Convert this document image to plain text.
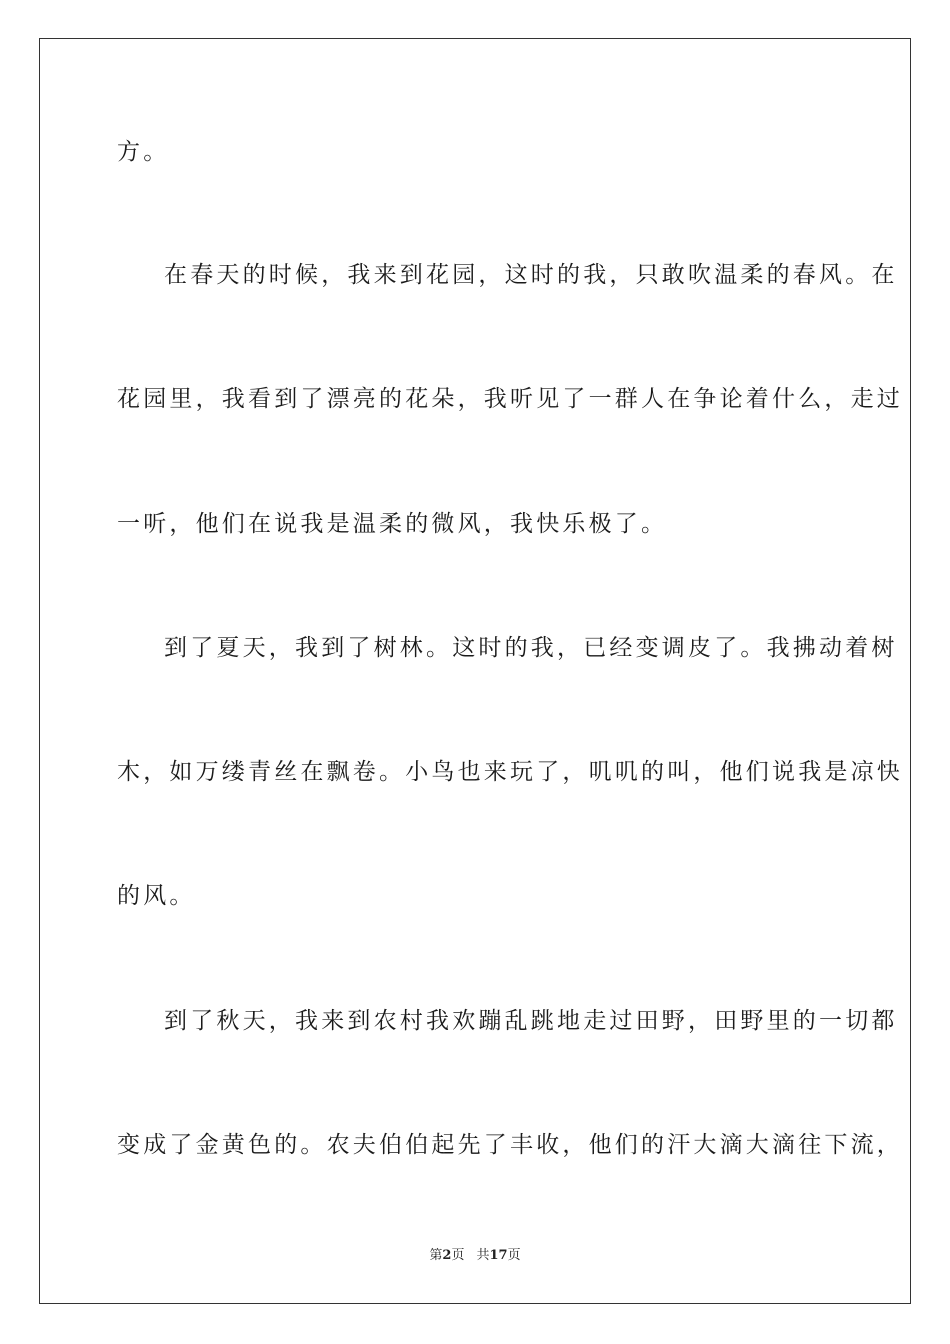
方。
在春天的时候，我来到花园，这时的我，只敢吹温柔的春风。在
花园里，我看到了漂亮的花朵，我听见了一群人在争论着什么，走过
一听，他们在说我是温柔的微风，我快乐极了。
到了夏天，我到了树林。这时的我，已经变调皮了。我拂动着树
木，如万缕青丝在飘卷。小鸟也来玩了，叽叽的叫，他们说我是凉快
的风。
到了秋天，我来到农村我欢蹦乱跳地走过田野，田野里的一切都
变成了金黄色的。农夫伯伯起先了丰收，他们的汗大滴大滴往下流，
第2页 共17页
